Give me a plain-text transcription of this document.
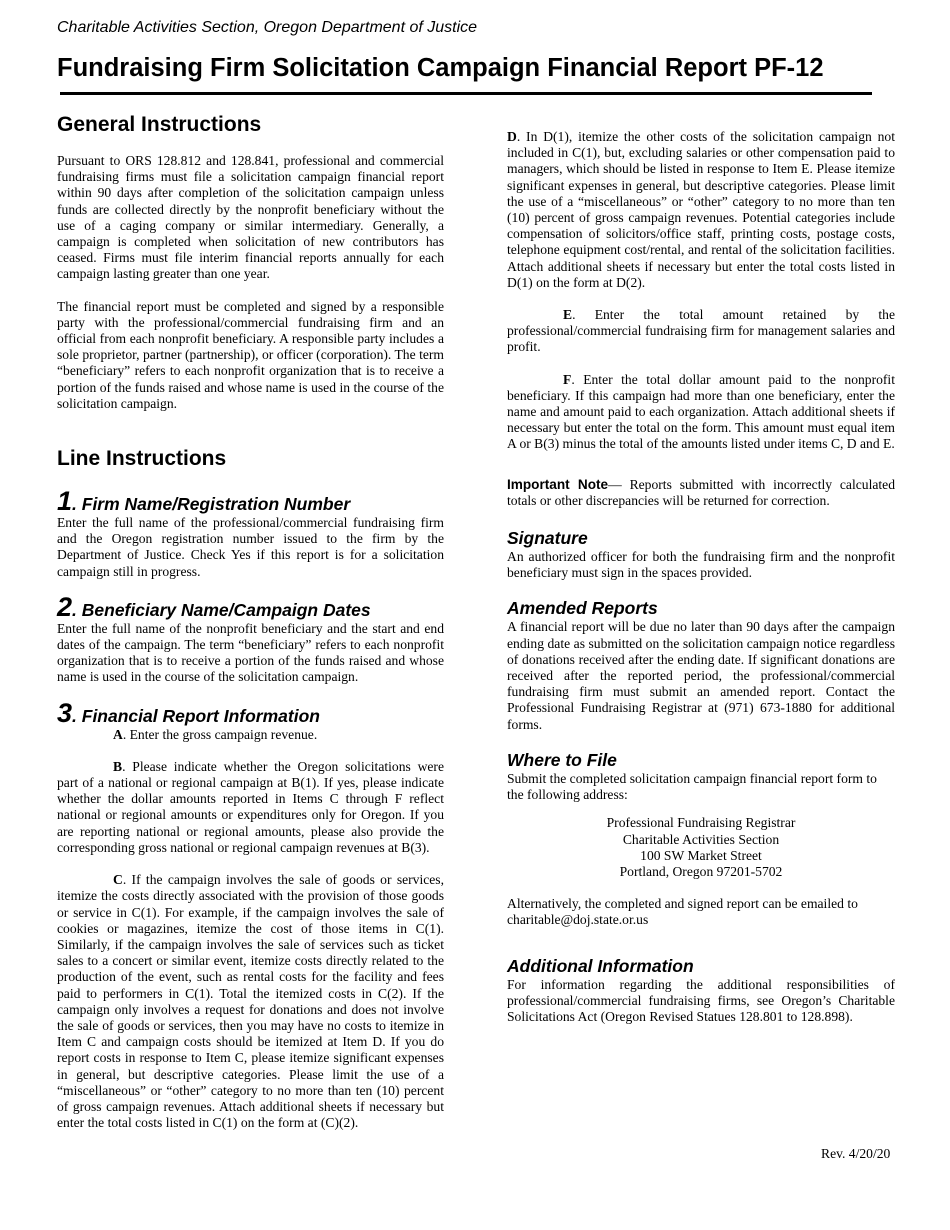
Charitable Activities Section, Oregon Department of Justice
Fundraising Firm Solicitation Campaign Financial Report PF-12
General Instructions

Pursuant to ORS 128.812 and 128.841, professional and commercial fundraising firms must file a solicitation campaign financial report within 90 days after completion of the solicitation campaign unless funds are collected directly by the nonprofit beneficiary without the use of a caging company or similar intermediary. Generally, a campaign is completed when solicitation of new contributors has ceased. Firms must file interim financial reports annually for each campaign lasting greater than one year.

The financial report must be completed and signed by a responsible party with the professional/commercial fundraising firm and an official from each nonprofit beneficiary. A responsible party includes a sole proprietor, partner (partnership), or officer (corporation). The term “beneficiary” refers to each nonprofit organization that is to receive a portion of the funds raised and whose name is used in the course of the solicitation campaign.

Line Instructions
1. Firm Name/Registration Number

Enter the full name of the professional/commercial fundraising firm and the Oregon registration number issued to the firm by the Department of Justice. Check Yes if this report is for a solicitation campaign still in progress.

2. Beneficiary Name/Campaign Dates

Enter the full name of the nonprofit beneficiary and the start and end dates of the campaign. The term “beneficiary” refers to each nonprofit organization that is to receive a portion of the funds raised and whose name is used in the course of the solicitation campaign.

3. Financial Report Information

A. Enter the gross campaign revenue.

B. Please indicate whether the Oregon solicitations were part of a national or regional campaign at B(1). If yes, please indicate whether the dollar amounts reported in Items C through F reflect national or regional amounts or expenditures only for Oregon. If you are reporting national or regional amounts, please also provide the corresponding gross national or regional campaign revenues at B(3).

C. If the campaign involves the sale of goods or services, itemize the costs directly associated with the provision of those goods or service in C(1). For example, if the campaign involves the sale of cookies or magazines, itemize the cost of those items in C(1). Similarly, if the campaign involves the sale of services such as ticket sales to a concert or similar event, itemize costs directly related to the production of the event, such as rental costs for the facility and fees paid to performers in C(1). Total the itemized costs in C(2). If the campaign only involves a request for donations and does not involve the sale of goods or services, then you may have no costs to itemize in Item C and campaign costs should be itemized at Item D. If you do report costs in response to Item C, please itemize significant expenses in general, but descriptive categories. Please limit the use of a “miscellaneous” or “other” category to no more than ten (10) percent of gross campaign revenues. Attach additional sheets if necessary but enter the total costs listed in C(1) on the form at (C)(2).

D. In D(1), itemize the other costs of the solicitation campaign not included in C(1), but, excluding salaries or other compensation paid to managers, which should be listed in response to Item E. Please itemize significant expenses in general, but descriptive categories. Please limit the use of a “miscellaneous” or “other” category to no more than ten (10) percent of gross campaign revenues. Potential categories include compensation of solicitors/office staff, printing costs, postage costs, telephone equipment cost/rental, and rental of the solicitation facilities. Attach additional sheets if necessary but enter the total costs listed in D(1) on the form at D(2).

E. Enter the total amount retained by the professional/commercial fundraising firm for management salaries and profit.

F. Enter the total dollar amount paid to the nonprofit beneficiary. If this campaign had more than one beneficiary, enter the name and amount paid to each organization. Attach additional sheets if necessary but enter the total on the form. This amount must equal item A or B(3) minus the total of the amounts listed under items C, D and E.

Important Note— Reports submitted with incorrectly calculated totals or other discrepancies will be returned for correction.

Signature

An authorized officer for both the fundraising firm and the nonprofit beneficiary must sign in the spaces provided.

Amended Reports

A financial report will be due no later than 90 days after the campaign ending date as submitted on the solicitation campaign notice regardless of donations received after the ending date. If significant donations are received after the reported period, the professional/commercial fundraising firm must submit an amended report. Contact the Professional Fundraising Registrar at (971) 673-1880 for additional forms.

Where to File

Submit the completed solicitation campaign financial report form to the following address:

Professional Fundraising Registrar
Charitable Activities Section
100 SW Market Street
Portland, Oregon 97201-5702

Alternatively, the completed and signed report can be emailed to charitable@doj.state.or.us

Additional Information

For information regarding the additional responsibilities of professional/commercial fundraising firms, see Oregon’s Charitable Solicitations Act (Oregon Revised Statues 128.801 to 128.898).

Rev. 4/20/20
